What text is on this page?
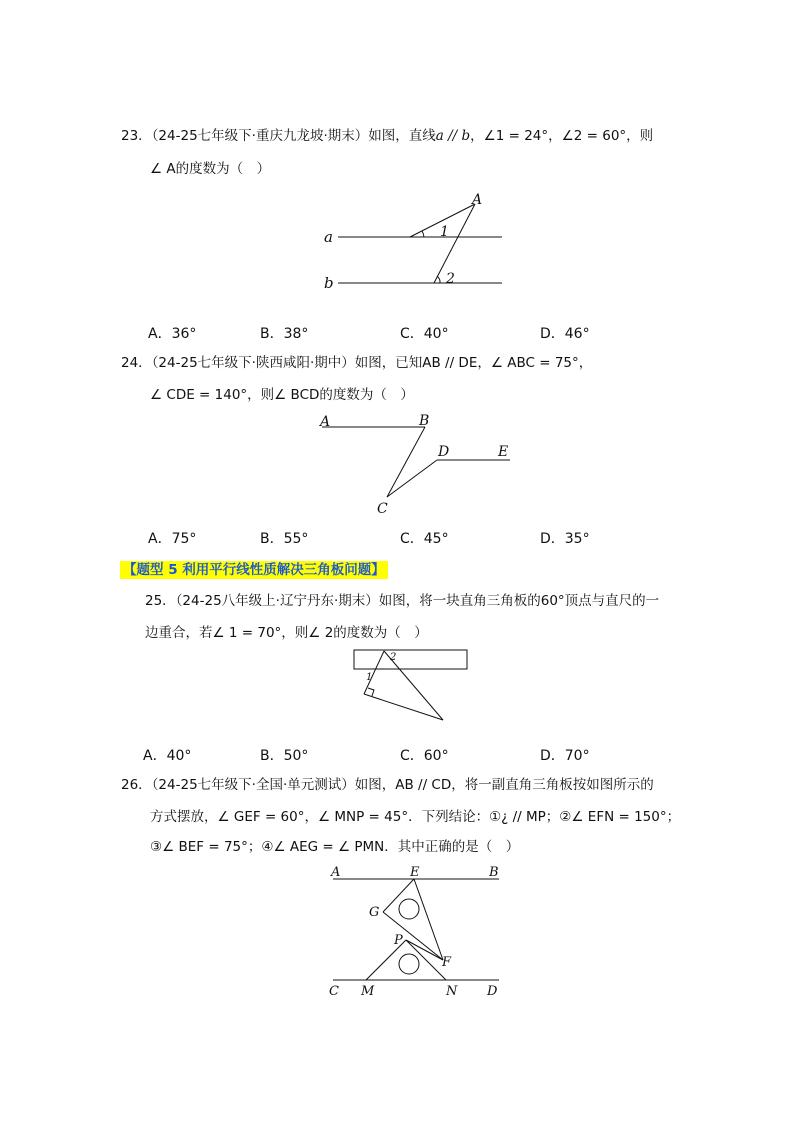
23．（24-25七年级下·重庆九龙坡·期末）如图，直线a // b，∠1 = 24°，∠2 = 60°，则
∠ A的度数为（　）
a
b
A
1
2
A．36°	B．38°	C．40°	D．46°
24．（24-25七年级下·陕西咸阳·期中）如图，已知AB // DE，∠ ABC = 75°，
∠ CDE = 140°，则∠ BCD的度数为（　）
A	B
C
D	E
A．75°	B．55°	C．45°	D．35°
【题型 5 利用平行线性质解决三角板问题】
25．（24-25八年级上·辽宁丹东·期末）如图，将一块直角三角板的60°顶点与直尺的一
边重合，若∠ 1 = 70°，则∠ 2的度数为（　）
2
1
A．40°	B．50°	C．60°	D．70°
26．（24-25七年级下·全国·单元测试）如图，AB // CD，将一副直角三角板按如图所示的
方式摆放，∠ GEF = 60°，∠ MNP = 45°．下列结论：①¿ // MP；②∠ EFN = 150°；
③∠ BEF = 75°；④∠ AEG = ∠ PMN．其中正确的是（　）
A	E	B
G
P
F
C M	N D
